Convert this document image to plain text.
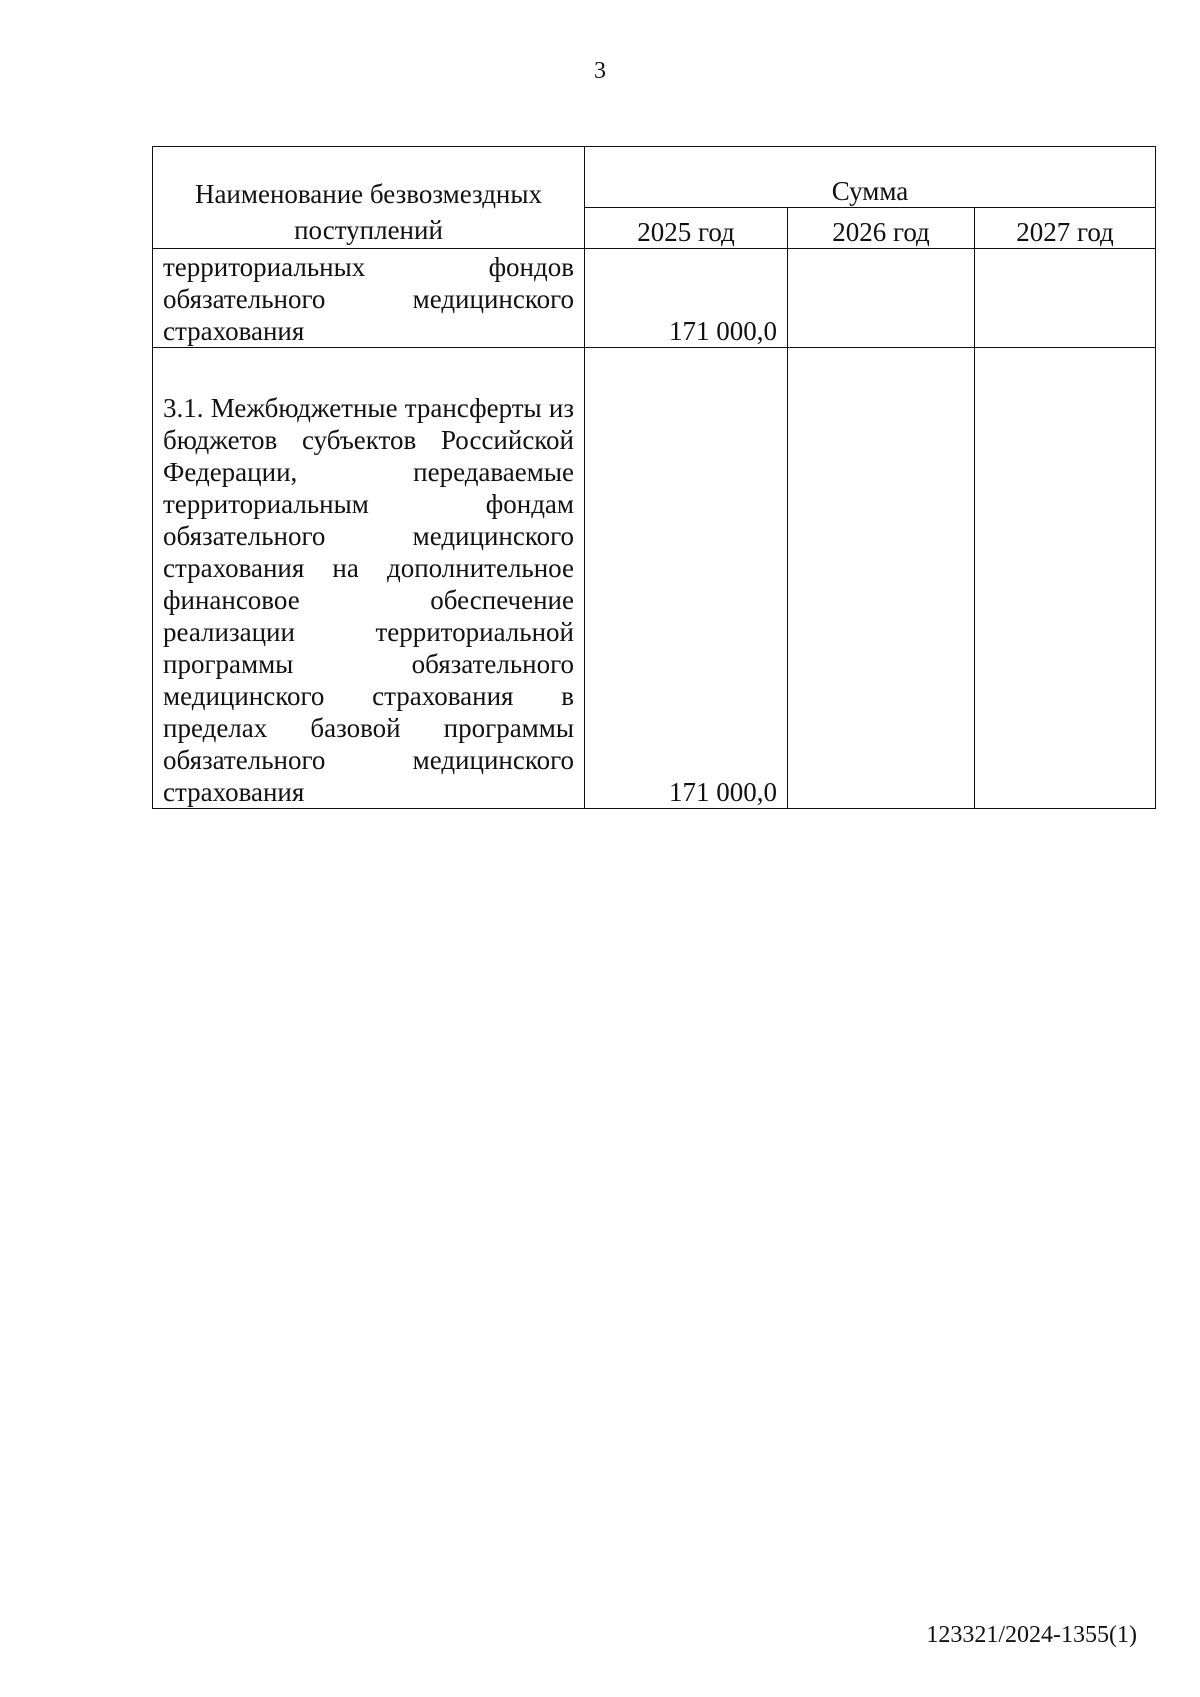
3
Наименование безвозмездных поступлений	Сумма		
	2025 год	2026 год	2027 год
территориальных фондов обязательного медицинского страхования	171 000,0		
3.1. Межбюджетные трансферты из бюджетов субъектов Российской Федерации, передаваемые территориальным фондам обязательного медицинского страхования на дополнительное финансовое обеспечение реализации территориальной программы обязательного медицинского страхования в пределах базовой программы обязательного медицинского страхования	171 000,0		
123321/2024-1355(1)
